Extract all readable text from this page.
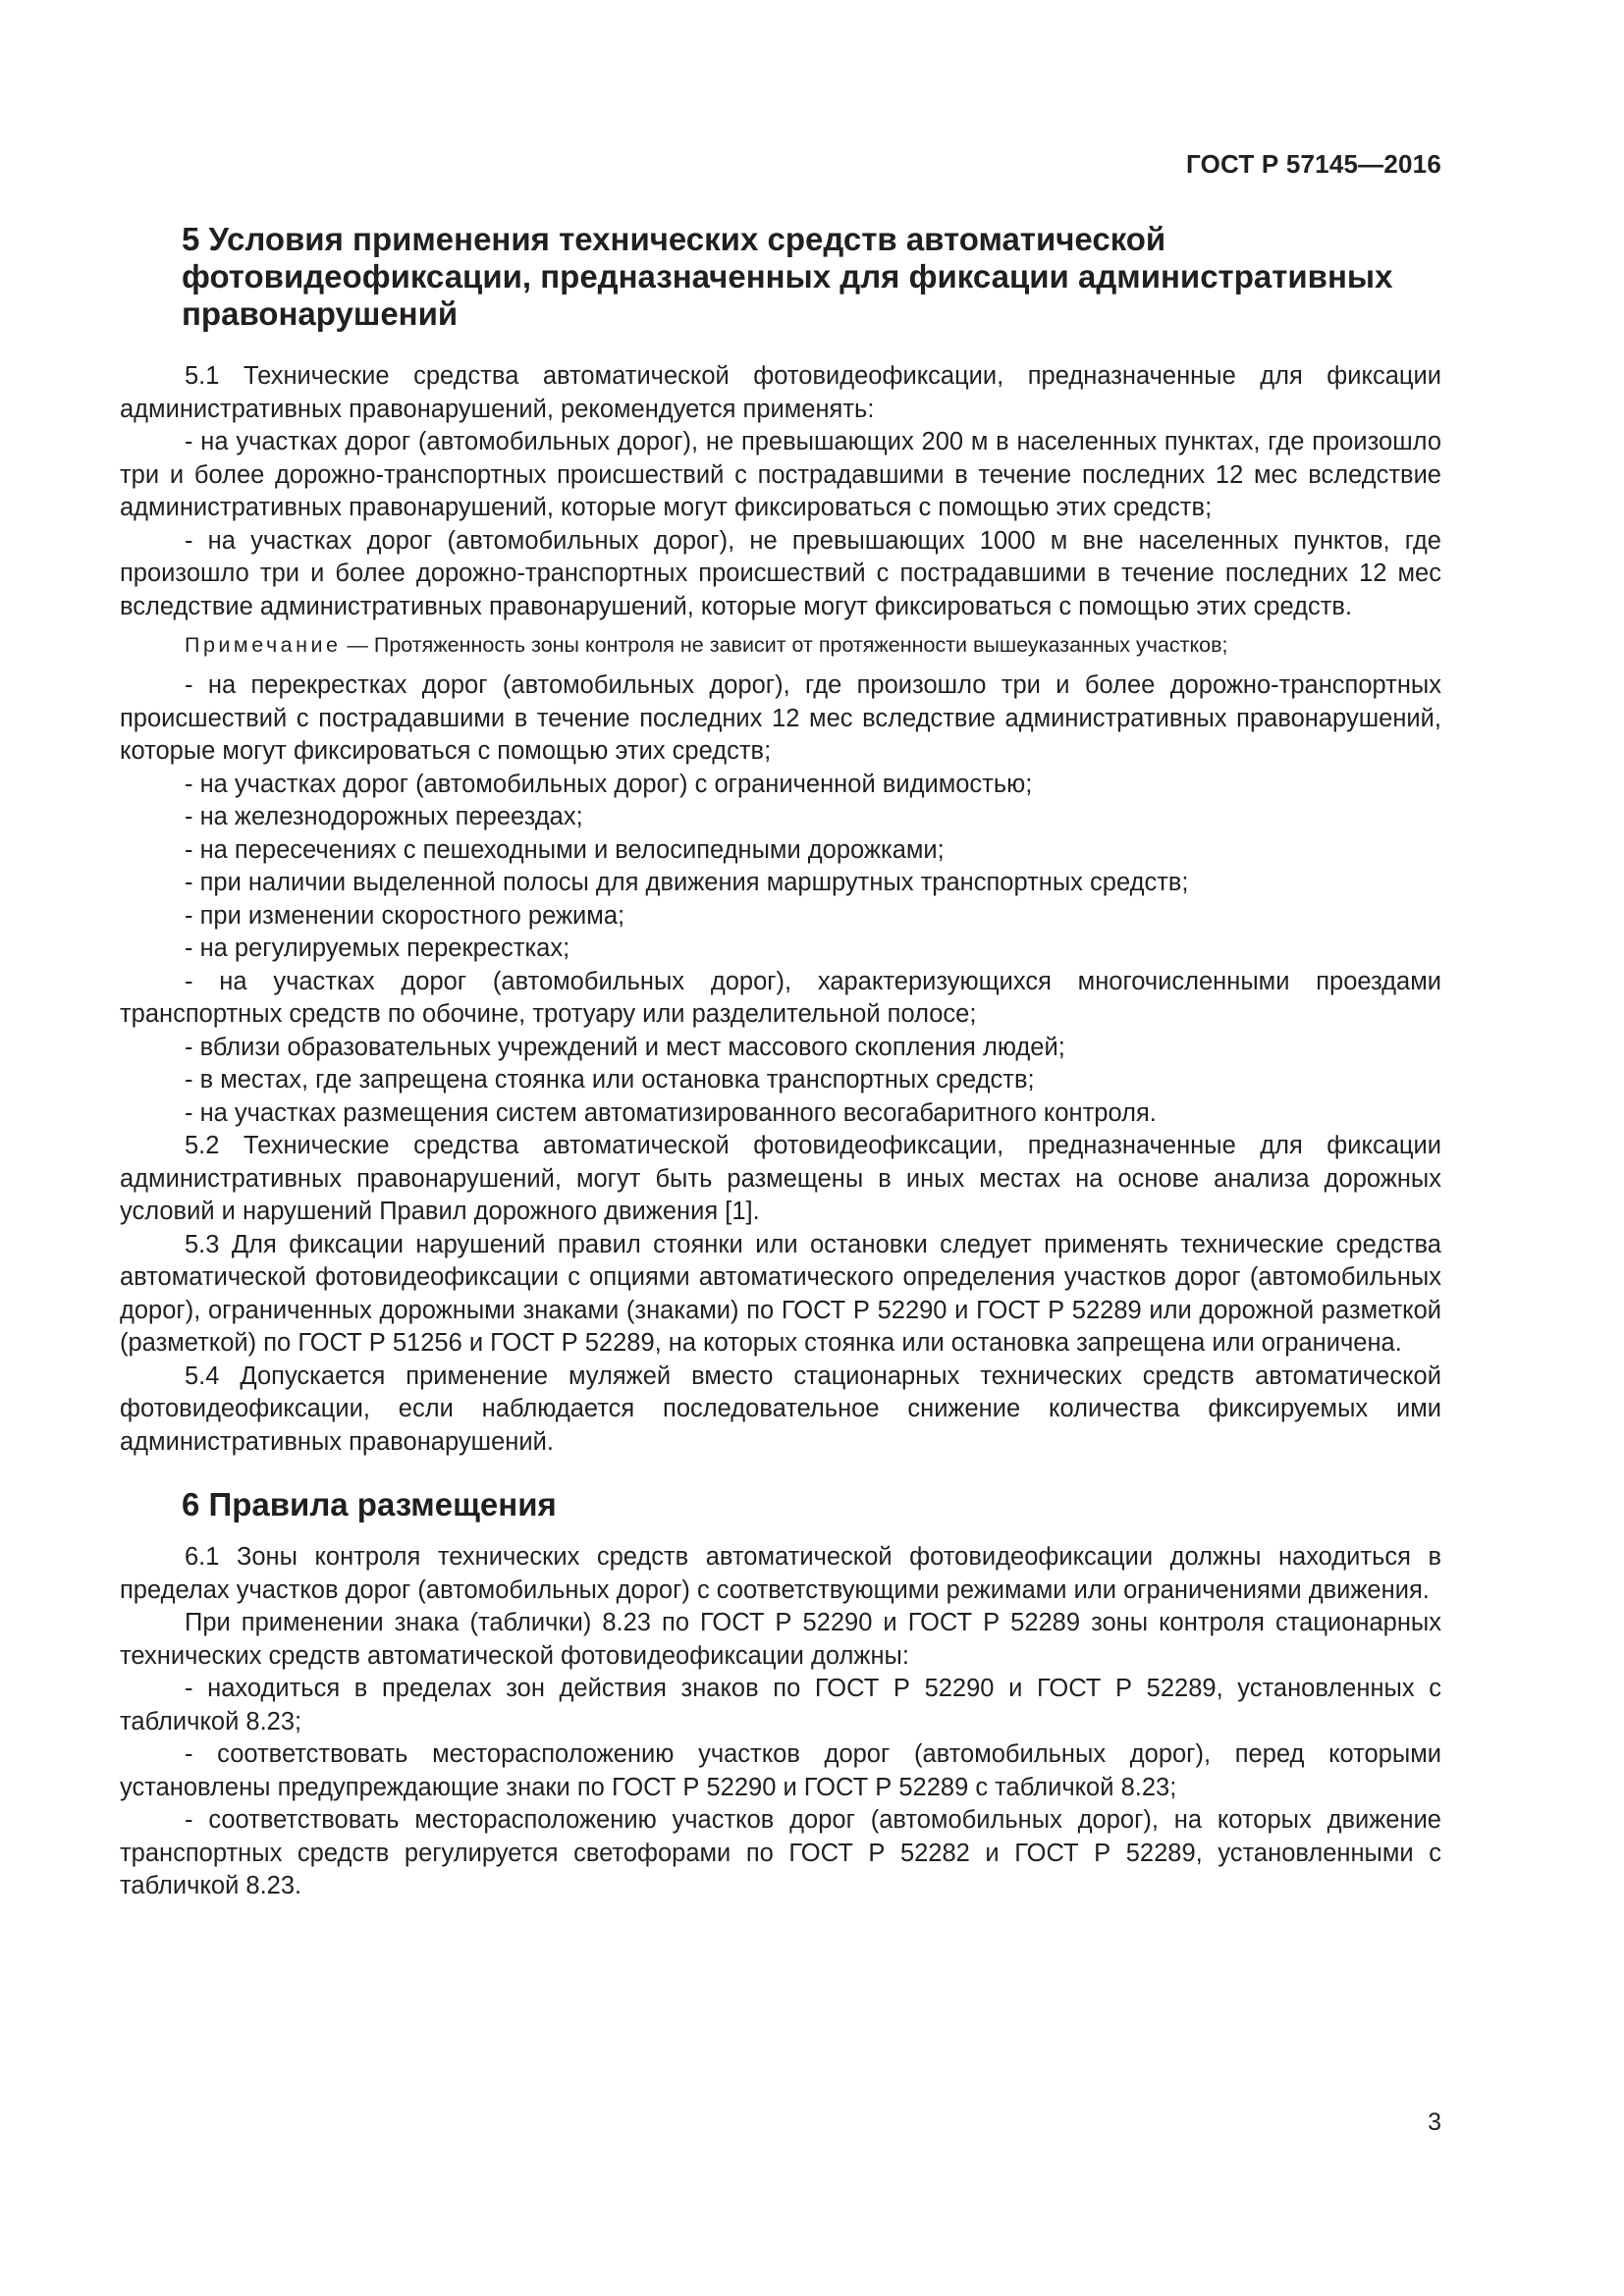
ГОСТ Р 57145—2016
5 Условия применения технических средств автоматической фотовидеофиксации, предназначенных для фиксации административных правонарушений

5.1 Технические средства автоматической фотовидеофиксации, предназначенные для фиксации административных правонарушений, рекомендуется применять:

- на участках дорог (автомобильных дорог), не превышающих 200 м в населенных пунктах, где произошло три и более дорожно-транспортных происшествий с пострадавшими в течение последних 12 мес вследствие административных правонарушений, которые могут фиксироваться с помощью этих средств;

- на участках дорог (автомобильных дорог), не превышающих 1000 м вне населенных пунктов, где произошло три и более дорожно-транспортных происшествий с пострадавшими в течение последних 12 мес вследствие административных правонарушений, которые могут фиксироваться с помощью этих средств.

Примечание — Протяженность зоны контроля не зависит от протяженности вышеуказанных участков;

- на перекрестках дорог (автомобильных дорог), где произошло три и более дорожно-транспортных происшествий с пострадавшими в течение последних 12 мес вследствие административных правонарушений, которые могут фиксироваться с помощью этих средств;

- на участках дорог (автомобильных дорог) с ограниченной видимостью;

- на железнодорожных переездах;

- на пересечениях с пешеходными и велосипедными дорожками;

- при наличии выделенной полосы для движения маршрутных транспортных средств;

- при изменении скоростного режима;

- на регулируемых перекрестках;

- на участках дорог (автомобильных дорог), характеризующихся многочисленными проездами транспортных средств по обочине, тротуару или разделительной полосе;

- вблизи образовательных учреждений и мест массового скопления людей;

- в местах, где запрещена стоянка или остановка транспортных средств;

- на участках размещения систем автоматизированного весогабаритного контроля.

5.2 Технические средства автоматической фотовидеофиксации, предназначенные для фиксации административных правонарушений, могут быть размещены в иных местах на основе анализа дорожных условий и нарушений Правил дорожного движения [1].

5.3 Для фиксации нарушений правил стоянки или остановки следует применять технические средства автоматической фотовидеофиксации с опциями автоматического определения участков дорог (автомобильных дорог), ограниченных дорожными знаками (знаками) по ГОСТ Р 52290 и ГОСТ Р 52289 или дорожной разметкой (разметкой) по ГОСТ Р 51256 и ГОСТ Р 52289, на которых стоянка или остановка запрещена или ограничена.

5.4 Допускается применение муляжей вместо стационарных технических средств автоматической фотовидеофиксации, если наблюдается последовательное снижение количества фиксируемых ими административных правонарушений.

6 Правила размещения

6.1 Зоны контроля технических средств автоматической фотовидеофиксации должны находиться в пределах участков дорог (автомобильных дорог) с соответствующими режимами или ограничениями движения.

При применении знака (таблички) 8.23 по ГОСТ Р 52290 и ГОСТ Р 52289 зоны контроля стационарных технических средств автоматической фотовидеофиксации должны:

- находиться в пределах зон действия знаков по ГОСТ Р 52290 и ГОСТ Р 52289, установленных с табличкой 8.23;

- соответствовать месторасположению участков дорог (автомобильных дорог), перед которыми установлены предупреждающие знаки по ГОСТ Р 52290 и ГОСТ Р 52289 с табличкой 8.23;

- соответствовать месторасположению участков дорог (автомобильных дорог), на которых движение транспортных средств регулируется светофорами по ГОСТ Р 52282 и ГОСТ Р 52289, установленными с табличкой 8.23.

3
